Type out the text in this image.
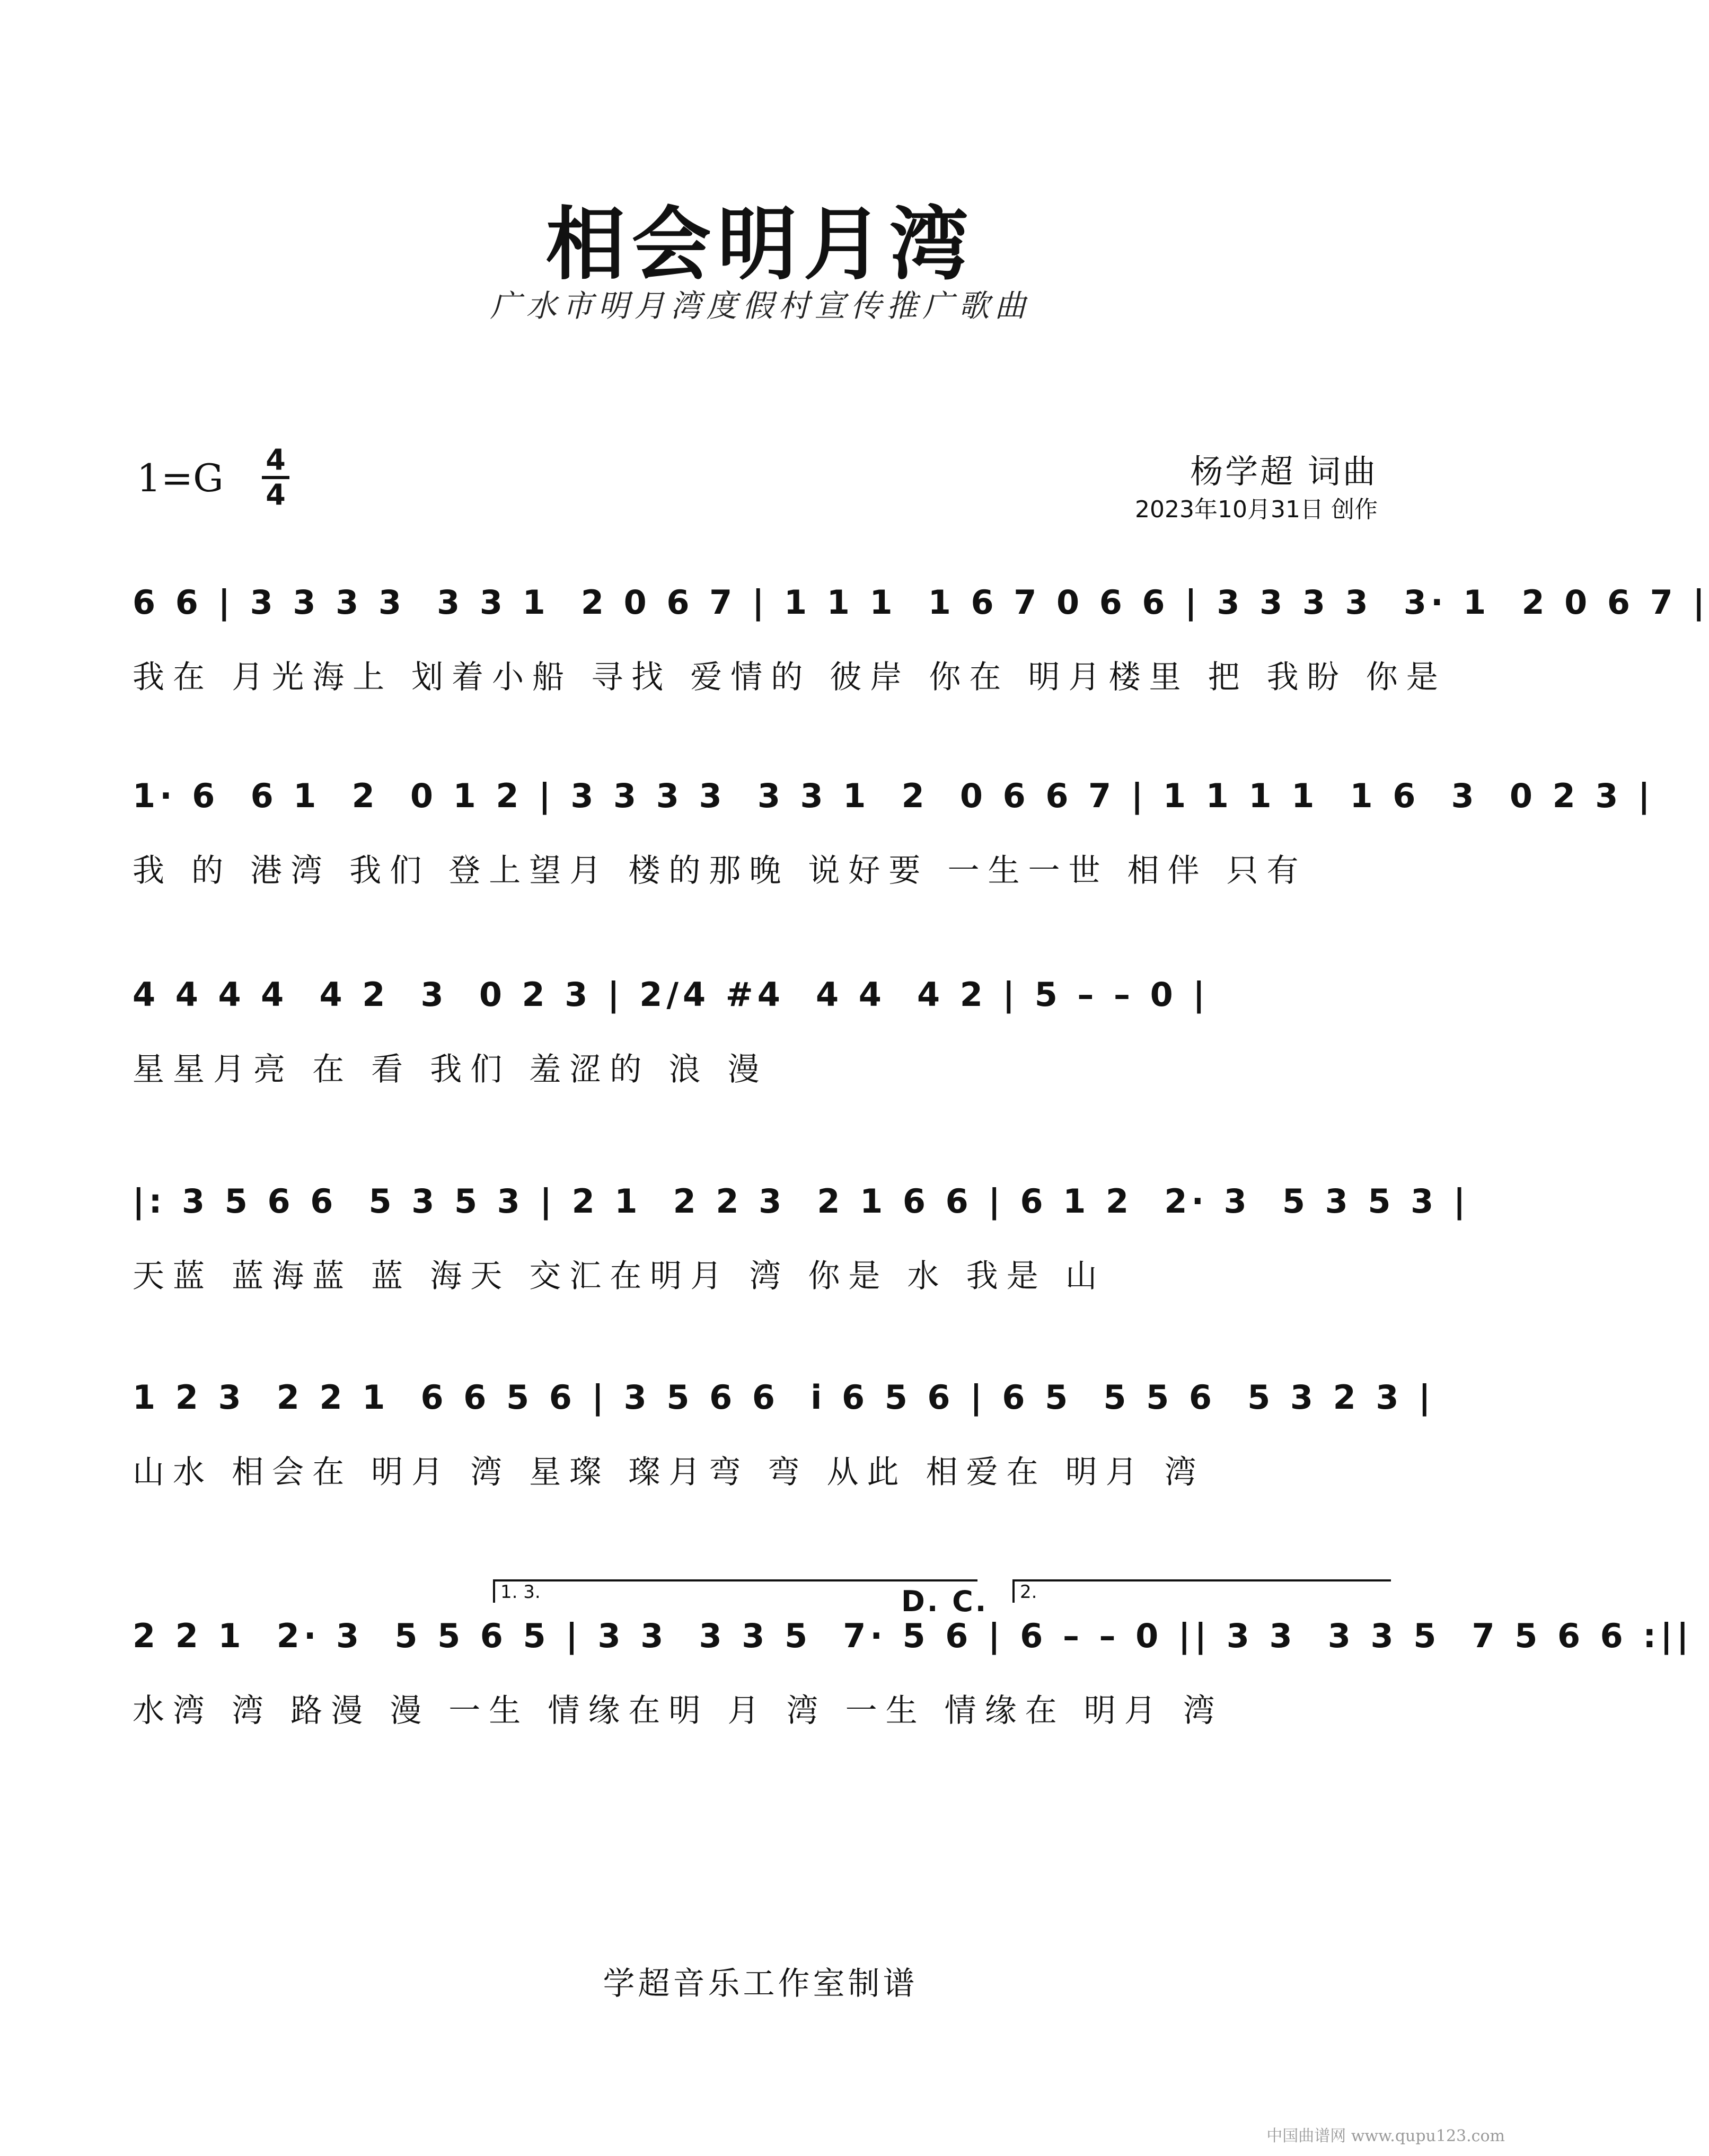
相会明月湾
广水市明月湾度假村宣传推广歌曲
1=G 4
4
杨学超 词曲
2023年10月31日 创作
6 6 | 3 3 3 3  3 3 1  2 0 6 7 | 1 1 1  1 6 7 0 6 6 | 3 3 3 3  3· 1  2 0 6 7 |
我在 月光海上 划着小船 寻找 爱情的 彼岸 你在 明月楼里 把 我盼 你是
1· 6  6 1  2  0 1 2 | 3 3 3 3  3 3 1  2  0 6 6 7 | 1 1 1 1  1 6  3  0 2 3 |
我 的 港湾 我们 登上望月 楼的那晚 说好要 一生一世 相伴 只有
4 4 4 4  4 2  3  0 2 3 | 2/4 #4  4 4  4 2 | 5 – – 0 |
星星月亮 在 看 我们 羞涩的 浪 漫
|: 3 5 6 6  5 3 5 3 | 2 1  2 2 3  2 1 6 6 | 6 1 2  2· 3  5 3 5 3 |
天蓝 蓝海蓝 蓝 海天 交汇在明月 湾 你是 水 我是 山
1 2 3  2 2 1  6 6 5 6 | 3 5 6 6  i 6 5 6 | 6 5  5 5 6  5 3 2 3 |
山水 相会在 明月 湾 星璨 璨月弯 弯 从此 相爱在 明月 湾
1. 3.	2.
D. C.
2 2 1  2· 3  5 5 6 5 | 3 3  3 3 5  7· 5 6 | 6 – – 0 || 3 3  3 3 5  7 5 6 6 :||
水湾 湾 路漫 漫 一生 情缘在明 月 湾 一生 情缘在 明月 湾
学超音乐工作室制谱
中国曲谱网 www.qupu123.com
